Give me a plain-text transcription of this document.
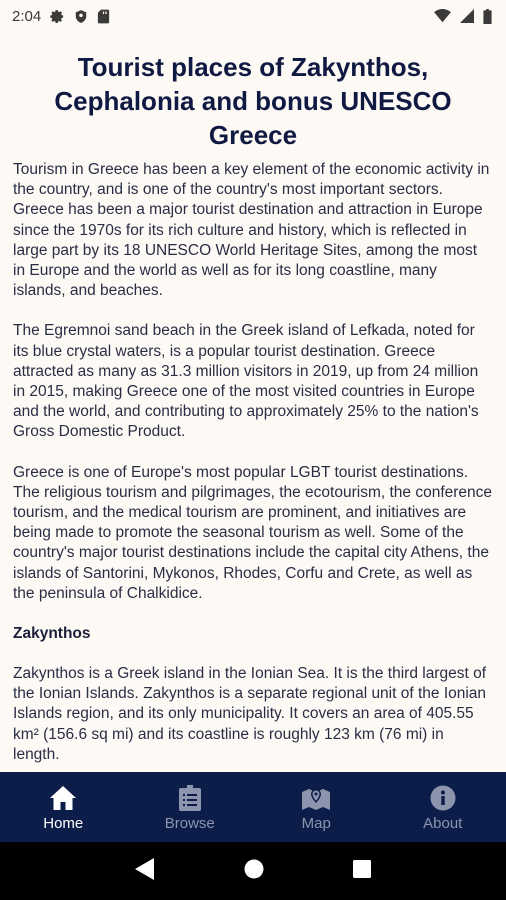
2:04
Tourist places of Zakynthos, Cephalonia and bonus UNESCO Greece

Tourism in Greece has been a key element of the economic activity in the country, and is one of the country's most important sectors. Greece has been a major tourist destination and attraction in Europe since the 1970s for its rich culture and history, which is reflected in large part by its 18 UNESCO World Heritage Sites, among the most in Europe and the world as well as for its long coastline, many islands, and beaches.

The Egremnoi sand beach in the Greek island of Lefkada, noted for its blue crystal waters, is a popular tourist destination. Greece attracted as many as 31.3 million visitors in 2019, up from 24 million in 2015, making Greece one of the most visited countries in Europe and the world, and contributing to approximately 25% to the nation's Gross Domestic Product.

Greece is one of Europe's most popular LGBT tourist destinations. The religious tourism and pilgrimages, the ecotourism, the conference tourism, and the medical tourism are prominent, and initiatives are being made to promote the seasonal tourism as well. Some of the country's major tourist destinations include the capital city Athens, the islands of Santorini, Mykonos, Rhodes, Corfu and Crete, as well as the peninsula of Chalkidice.

Zakynthos

Zakynthos is a Greek island in the Ionian Sea. It is the third largest of the Ionian Islands. Zakynthos is a separate regional unit of the Ionian Islands region, and its only municipality. It covers an area of 405.55 km² (156.6 sq mi) and its coastline is roughly 123 km (76 mi) in length.

Home	Browse	Map	About
